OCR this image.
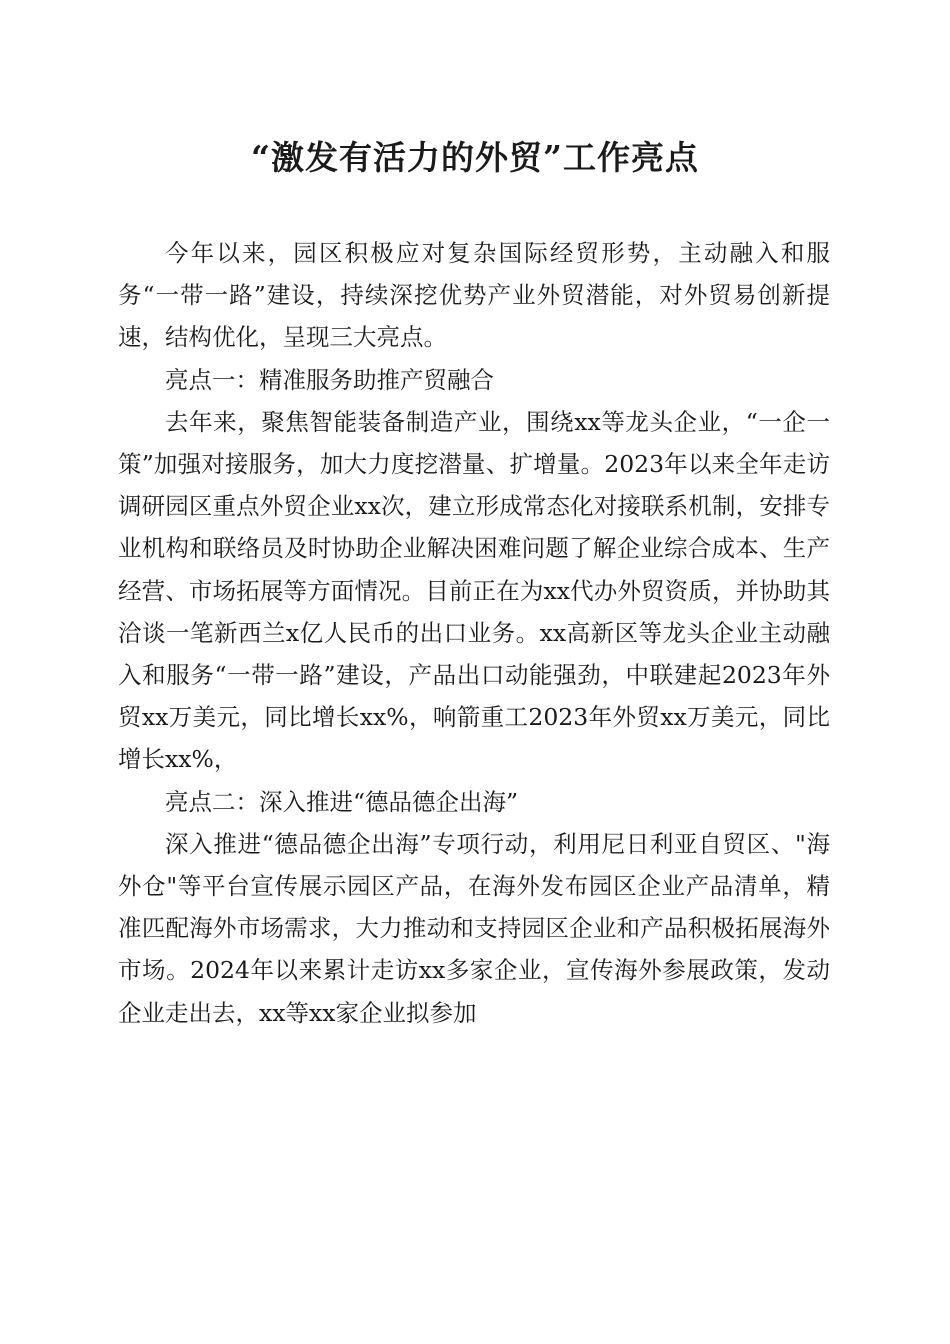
“激发有活力的外贸”工作亮点

今年以来，园区积极应对复杂国际经贸形势，主动融入和服务“一带一路”建设，持续深挖优势产业外贸潜能，对外贸易创新提速，结构优化，呈现三大亮点。

亮点一：精准服务助推产贸融合

去年来，聚焦智能装备制造产业，围绕xx等龙头企业，“一企一策”加强对接服务，加大力度挖潜量、扩增量。2023年以来全年走访调研园区重点外贸企业xx次，建立形成常态化对接联系机制，安排专业机构和联络员及时协助企业解决困难问题了解企业综合成本、生产经营、市场拓展等方面情况。目前正在为xx代办外贸资质，并协助其洽谈一笔新西兰x亿人民币的出口业务。xx高新区等龙头企业主动融入和服务“一带一路”建设，产品出口动能强劲，中联建起2023年外贸xx万美元，同比增长xx%，响箭重工2023年外贸xx万美元，同比增长xx%，

亮点二：深入推进“德品德企出海”

深入推进“德品德企出海”专项行动，利用尼日利亚自贸区、"海外仓"等平台宣传展示园区产品，在海外发布园区企业产品清单，精准匹配海外市场需求，大力推动和支持园区企业和产品积极拓展海外市场。2024年以来累计走访xx多家企业，宣传海外参展政策，发动企业走出去，xx等xx家企业拟参加
